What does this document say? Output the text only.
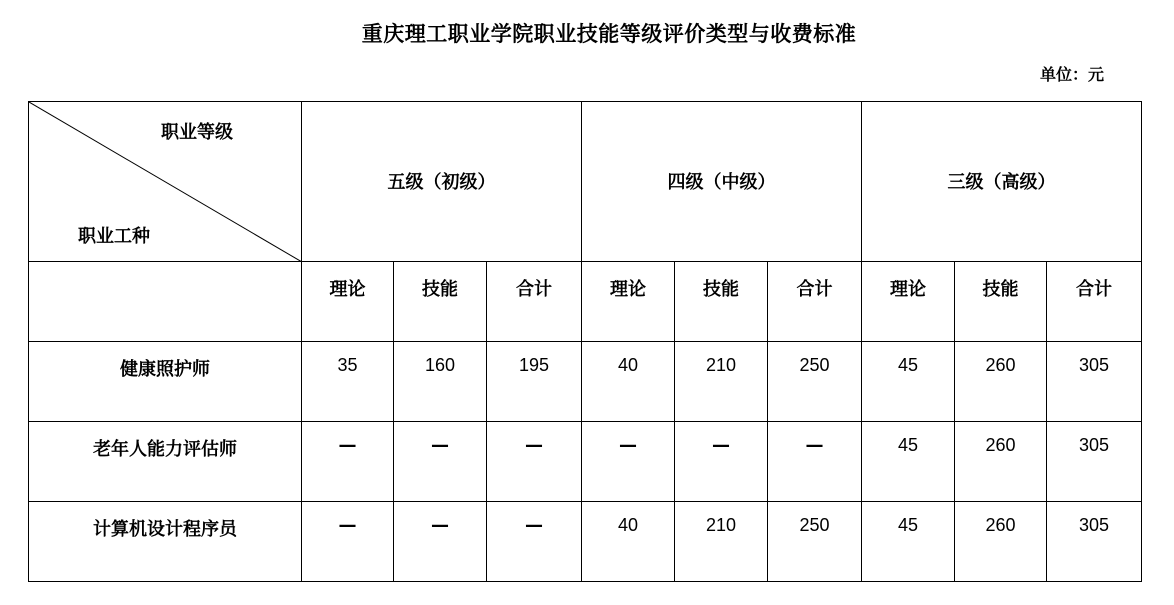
重庆理工职业学院职业技能等级评价类型与收费标准
单位：元
职业等级
职业工种	五级（初级）			四级（中级）			三级（高级）		

	理论	技能	合计	理论	技能	合计	理论	技能	合计

健康照护师	35	160	195	40	210	250	45	260	305

老年人能力评估师	—	—	—	—	—	—	45	260	305

计算机设计程序员	—	—	—	40	210	250	45	260	305
